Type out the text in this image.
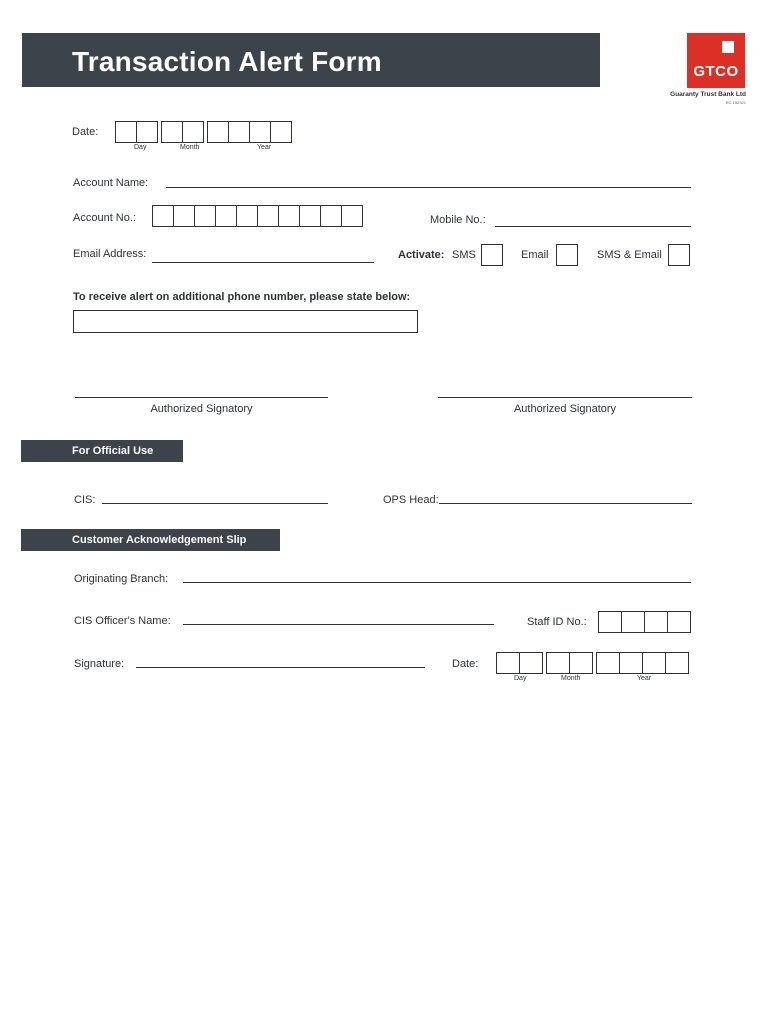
Transaction Alert Form	GTCO
Guaranty Trust Bank Ltd
RC 152321
Date:
Day	Month	Year
Account Name:
Account No.:	Mobile No.:
Email Address:	Activate: SMS	Email	SMS & Email
To receive alert on additional phone number, please state below:
Authorized Signatory	Authorized Signatory
For Official Use
CIS:	OPS Head:
Customer Acknowledgement Slip
Originating Branch:
CIS Officer's Name:	Staff ID No.:
Signature:	Date:
Day	Month	Year
